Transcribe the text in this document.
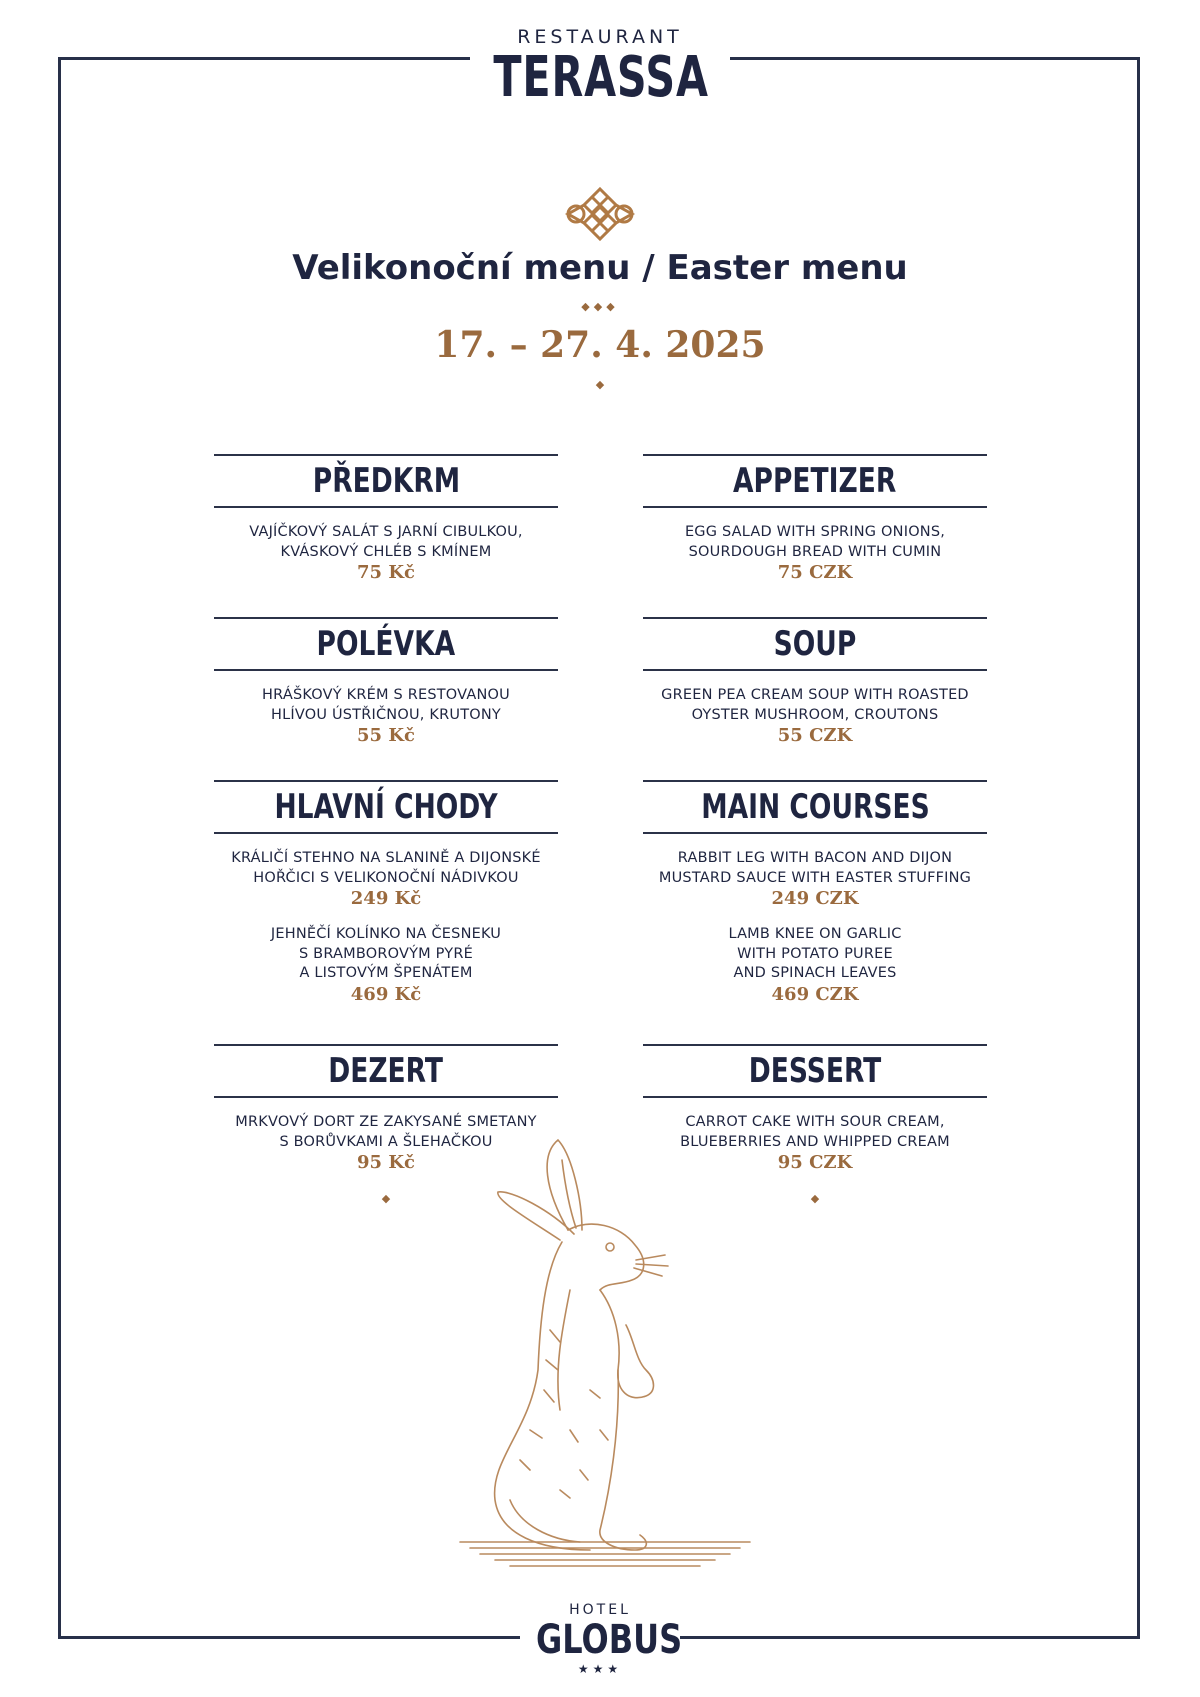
RESTAURANT
TERASSA
Velikonoční menu / Easter menu
◆◆◆
17. – 27. 4. 2025
◆
PŘEDKRM
VAJÍČKOVÝ SALÁT S JARNÍ CIBULKOU,
KVÁSKOVÝ CHLÉB S KMÍNEM
75 Kč
POLÉVKA
HRÁŠKOVÝ KRÉM S RESTOVANOU
HLÍVOU ÚSTŘIČNOU, KRUTONY
55 Kč
HLAVNÍ CHODY
KRÁLIČÍ STEHNO NA SLANINĚ A DIJONSKÉ
HOŘČICI S VELIKONOČNÍ NÁDIVKOU
249 Kč
JEHNĚČÍ KOLÍNKO NA ČESNEKU
S BRAMBOROVÝM PYRÉ
A LISTOVÝM ŠPENÁTEM
469 Kč
DEZERT
MRKVOVÝ DORT ZE ZAKYSANÉ SMETANY
S BORŮVKAMI A ŠLEHAČKOU
95 Kč
◆
APPETIZER
EGG SALAD WITH SPRING ONIONS,
SOURDOUGH BREAD WITH CUMIN
75 CZK
SOUP
GREEN PEA CREAM SOUP WITH ROASTED
OYSTER MUSHROOM, CROUTONS
55 CZK
MAIN COURSES
RABBIT LEG WITH BACON AND DIJON
MUSTARD SAUCE WITH EASTER STUFFING
249 CZK
LAMB KNEE ON GARLIC
WITH POTATO PUREE
AND SPINACH LEAVES
469 CZK
DESSERT
CARROT CAKE WITH SOUR CREAM,
BLUEBERRIES AND WHIPPED CREAM
95 CZK
◆
HOTEL
GLOBUS
★★★
